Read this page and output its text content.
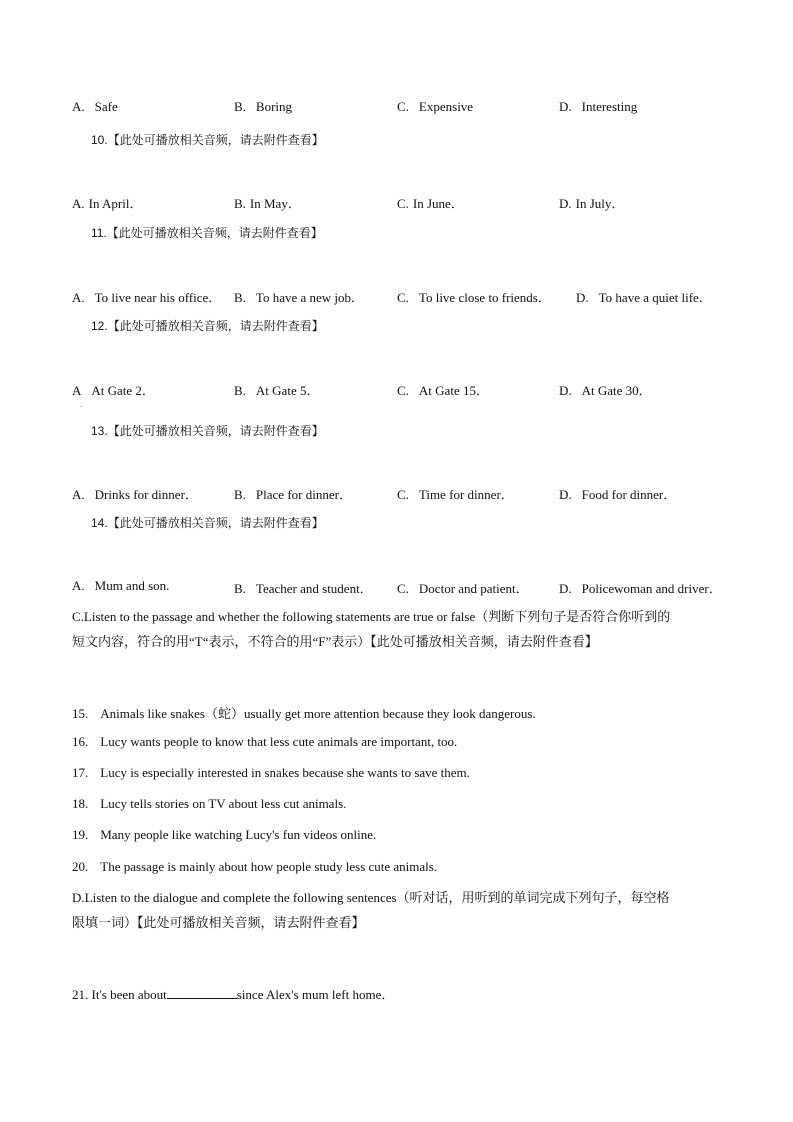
A. Safe	B. Boring	C. Expensive	D. Interesting
10.【此处可播放相关音频，请去附件查看】
A. In April．	B. In May．	C. In June．	D. In July．
11.【此处可播放相关音频，请去附件查看】
A. To live near his office． B. To have a new job．	C. To live close to friends． D. To have a quiet life．
12.【此处可播放相关音频，请去附件查看】
A At Gate 2．	B. At Gate 5．	C. At Gate 15．	D. At Gate 30．
.
13.【此处可播放相关音频，请去附件查看】
A. Drinks for dinner．	B. Place for dinner．	C. Time for dinner．	D. Food for dinner．
14.【此处可播放相关音频，请去附件查看】
A. Mum and son.	B. Teacher and student． C. Doctor and patient． D. Policewoman and driver．
C.Listen to the passage and whether the following statements are true or false（判断下列句子是否符合你听到的
短文内容，符合的用“T“表示，不符合的用“F”表示）【此处可播放相关音频，请去附件查看】
15. Animals like snakes（蛇）usually get more attention because they look dangerous.
16. Lucy wants people to know that less cute animals are important, too.
17. Lucy is especially interested in snakes because she wants to save them.
18. Lucy tells stories on TV about less cut animals.
19. Many people like watching Lucy's fun videos online.
20. The passage is mainly about how people study less cute animals.
D.Listen to the dialogue and complete the following sentences（听对话，用听到的单词完成下列句子，每空格
限填一词）【此处可播放相关音频，请去附件查看】
21. It's been about	since Alex's mum left home．
